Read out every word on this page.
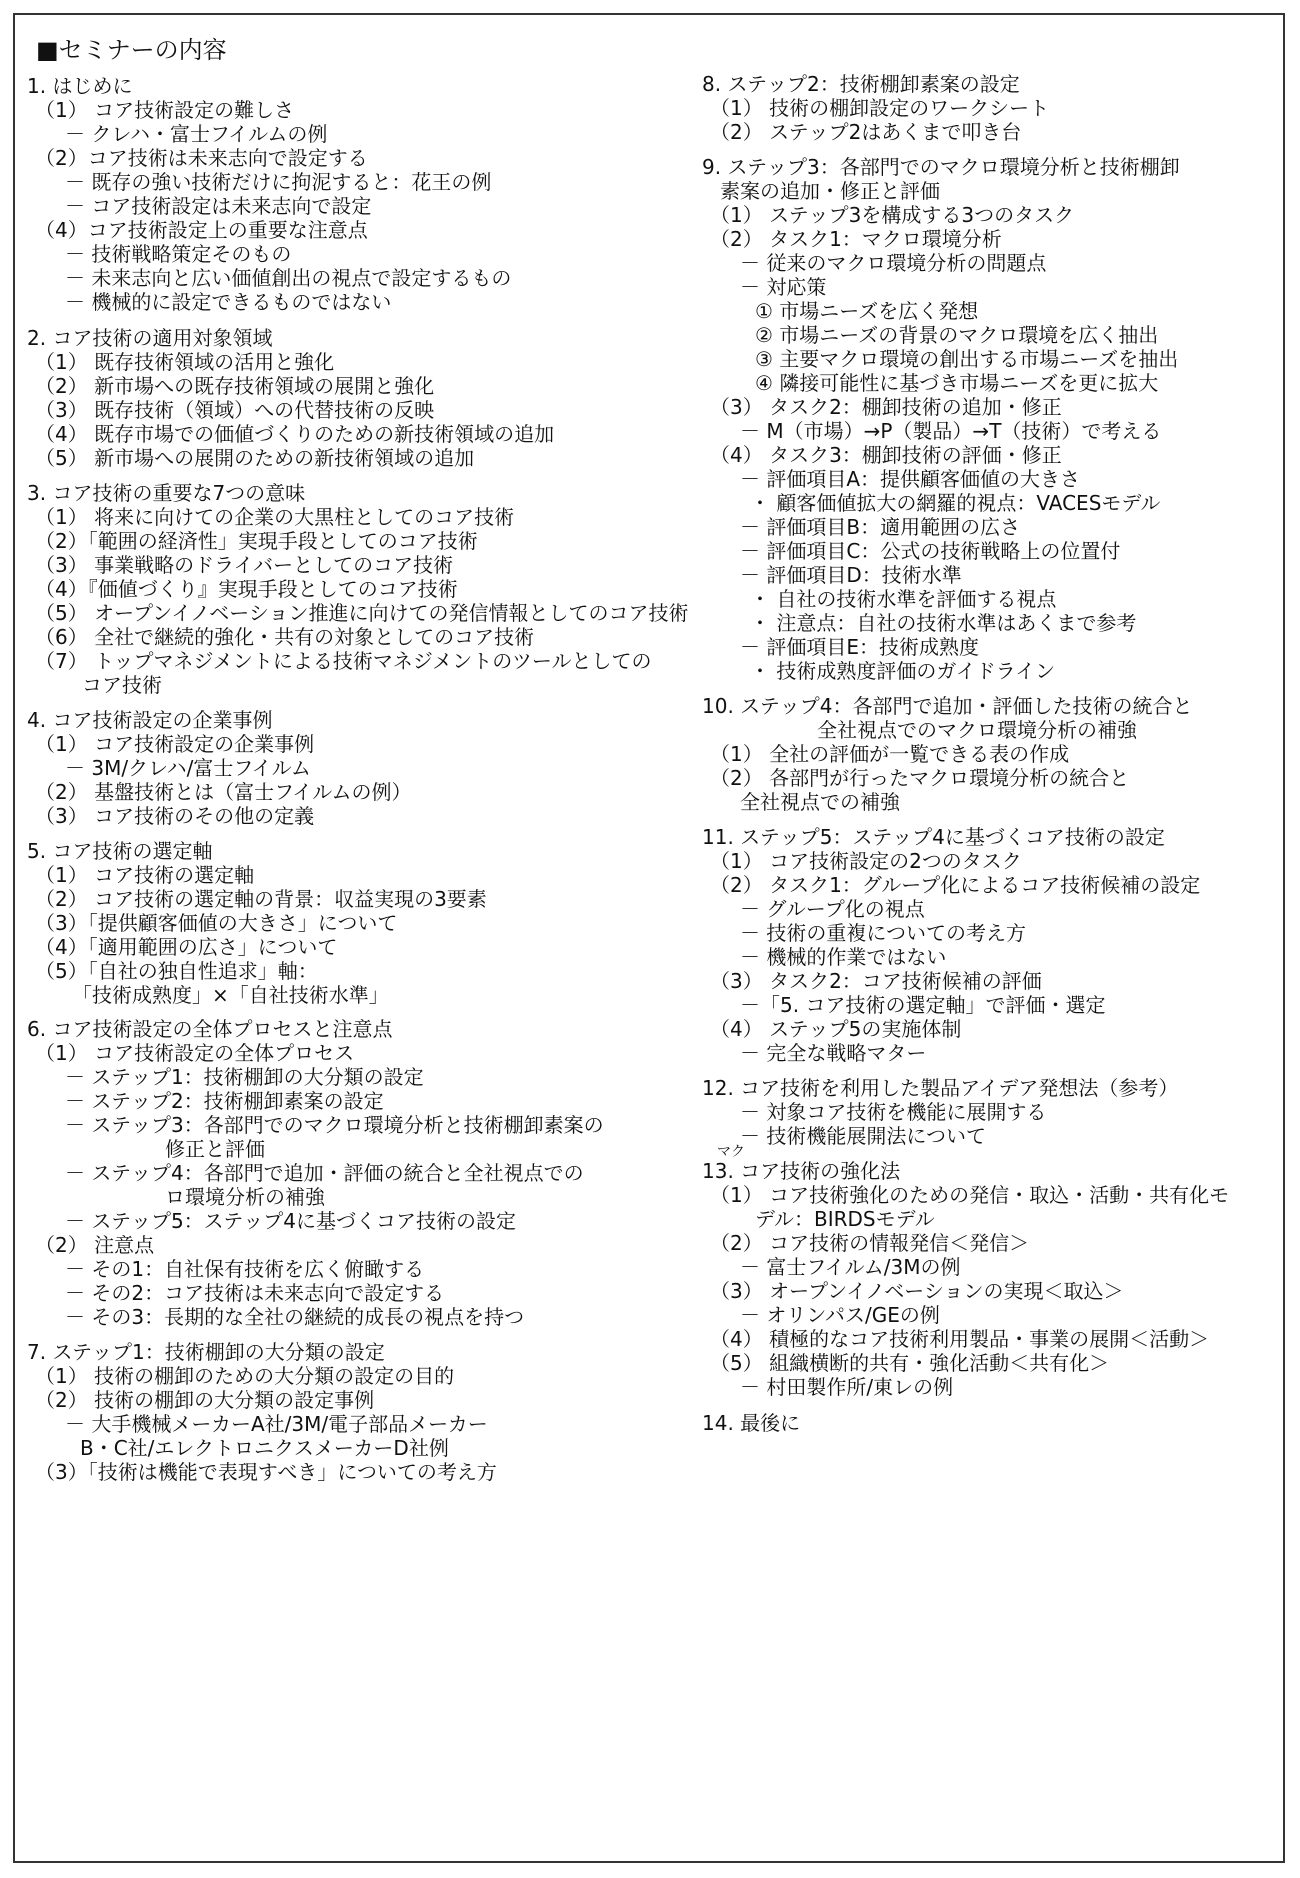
■セミナーの内容
1. はじめに
（1） コア技術設定の難しさ
－ クレハ・富士フイルムの例
（2）コア技術は未来志向で設定する
－ 既存の強い技術だけに拘泥すると：花王の例
－ コア技術設定は未来志向で設定
（4）コア技術設定上の重要な注意点
－ 技術戦略策定そのもの
－ 未来志向と広い価値創出の視点で設定するもの
－ 機械的に設定できるものではない
2. コア技術の適用対象領域
（1） 既存技術領域の活用と強化
（2） 新市場への既存技術領域の展開と強化
（3） 既存技術（領域）への代替技術の反映
（4） 既存市場での価値づくりのための新技術領域の追加
（5） 新市場への展開のための新技術領域の追加
3. コア技術の重要な7つの意味
（1） 将来に向けての企業の大黒柱としてのコア技術
（2）「範囲の経済性」実現手段としてのコア技術
（3） 事業戦略のドライバーとしてのコア技術
（4）『価値づくり』実現手段としてのコア技術
（5） オープンイノベーション推進に向けての発信情報としてのコア技術
（6） 全社で継続的強化・共有の対象としてのコア技術
（7） トップマネジメントによる技術マネジメントのツールとしての
コア技術
4. コア技術設定の企業事例
（1） コア技術設定の企業事例
－ 3M/クレハ/富士フイルム
（2） 基盤技術とは（富士フイルムの例）
（3） コア技術のその他の定義
5. コア技術の選定軸
（1） コア技術の選定軸
（2） コア技術の選定軸の背景：収益実現の3要素
（3）「提供顧客価値の大きさ」について
（4）「適用範囲の広さ」について
（5）「自社の独自性追求」軸：
「技術成熟度」×「自社技術水準」
6. コア技術設定の全体プロセスと注意点
（1） コア技術設定の全体プロセス
－ ステップ1：技術棚卸の大分類の設定
－ ステップ2：技術棚卸素案の設定
－ ステップ3：各部門でのマクロ環境分析と技術棚卸素案の
修正と評価
－ ステップ4：各部門で追加・評価の統合と全社視点での
ロ環境分析の補強
－ ステップ5：ステップ4に基づくコア技術の設定
（2） 注意点
－ その1：自社保有技術を広く俯瞰する
－ その2：コア技術は未来志向で設定する
－ その3：長期的な全社の継続的成長の視点を持つ
7. ステップ1：技術棚卸の大分類の設定
（1） 技術の棚卸のための大分類の設定の目的
（2） 技術の棚卸の大分類の設定事例
－ 大手機械メーカーA社/3M/電子部品メーカー
B・C社/エレクトロニクスメーカーD社例
（3）「技術は機能で表現すべき」についての考え方
8. ステップ2：技術棚卸素案の設定
（1） 技術の棚卸設定のワークシート
（2） ステップ2はあくまで叩き台
9. ステップ3：各部門でのマクロ環境分析と技術棚卸
素案の追加・修正と評価
（1） ステップ3を構成する3つのタスク
（2） タスク1：マクロ環境分析
－ 従来のマクロ環境分析の問題点
－ 対応策
① 市場ニーズを広く発想
② 市場ニーズの背景のマクロ環境を広く抽出
③ 主要マクロ環境の創出する市場ニーズを抽出
④ 隣接可能性に基づき市場ニーズを更に拡大
（3） タスク2：棚卸技術の追加・修正
－ M（市場）→P（製品）→T（技術）で考える
（4） タスク3：棚卸技術の評価・修正
－ 評価項目A：提供顧客価値の大きさ
・ 顧客価値拡大の網羅的視点：VACESモデル
－ 評価項目B：適用範囲の広さ
－ 評価項目C：公式の技術戦略上の位置付
－ 評価項目D：技術水準
・ 自社の技術水準を評価する視点
・ 注意点：自社の技術水準はあくまで参考
－ 評価項目E：技術成熟度
・ 技術成熟度評価のガイドライン
10. ステップ4：各部門で追加・評価した技術の統合と
全社視点でのマクロ環境分析の補強
（1） 全社の評価が一覧できる表の作成
（2） 各部門が行ったマクロ環境分析の統合と
全社視点での補強
11. ステップ5：ステップ4に基づくコア技術の設定
（1） コア技術設定の2つのタスク
（2） タスク1：グループ化によるコア技術候補の設定
－ グループ化の視点
－ 技術の重複についての考え方
－ 機械的作業ではない
（3） タスク2：コア技術候補の評価
－「5. コア技術の選定軸」で評価・選定
（4） ステップ5の実施体制
－ 完全な戦略マター
12. コア技術を利用した製品アイデア発想法（参考）
－ 対象コア技術を機能に展開する
－ 技術機能展開法について
マク
13. コア技術の強化法
（1） コア技術強化のための発信・取込・活動・共有化モ
デル：BIRDSモデル
（2） コア技術の情報発信＜発信＞
－ 富士フイルム/3Mの例
（3） オープンイノベーションの実現＜取込＞
－ オリンパス/GEの例
（4） 積極的なコア技術利用製品・事業の展開＜活動＞
（5） 組織横断的共有・強化活動＜共有化＞
－ 村田製作所/東レの例
14. 最後に
